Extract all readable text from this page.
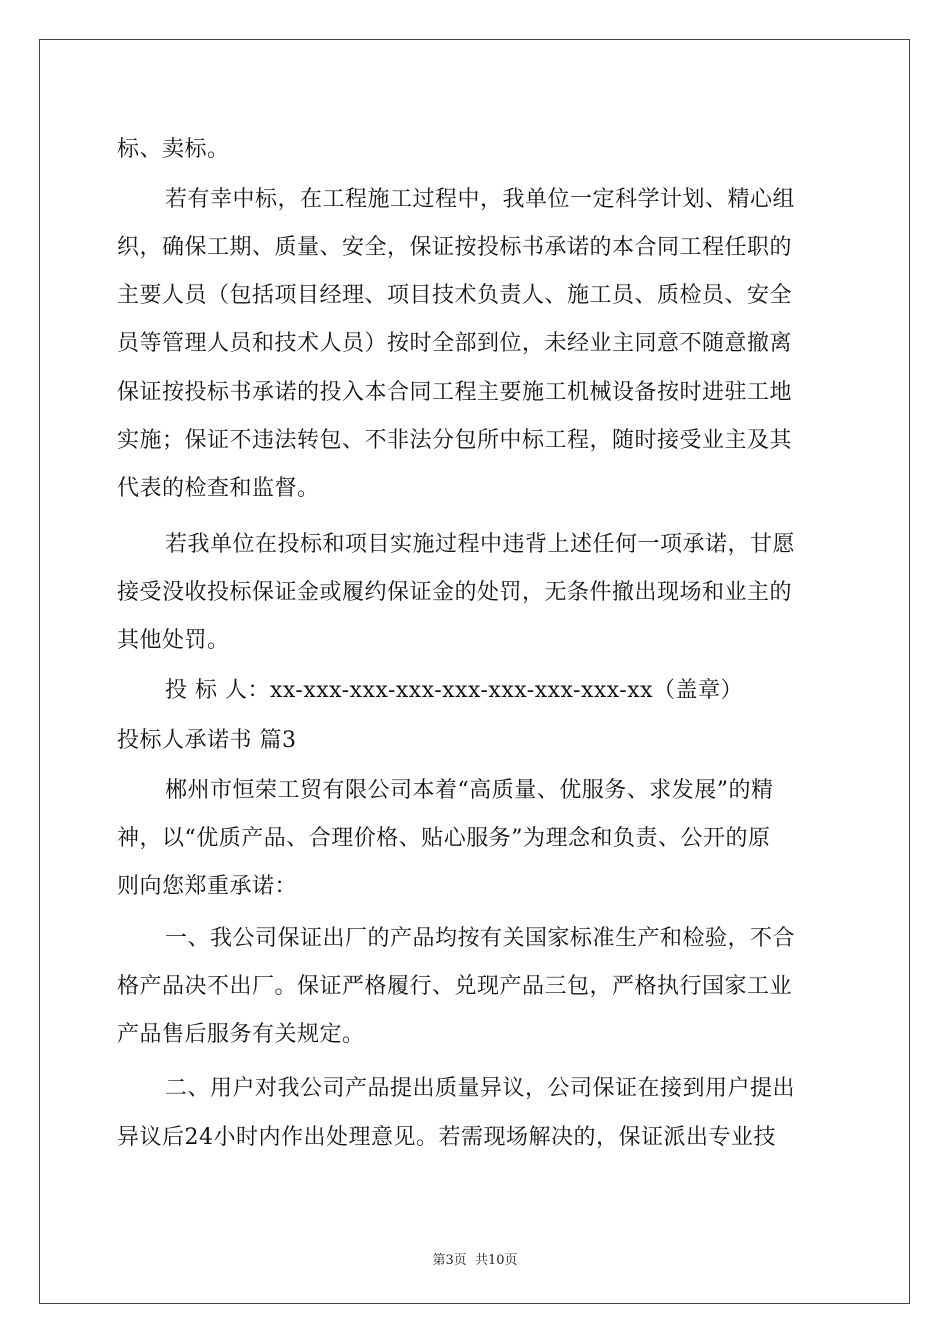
标、卖标。
若有幸中标，在工程施工过程中，我单位一定科学计划、精心组
织，确保工期、质量、安全，保证按投标书承诺的本合同工程任职的
主要人员（包括项目经理、项目技术负责人、施工员、质检员、安全
员等管理人员和技术人员）按时全部到位，未经业主同意不随意撤离
保证按投标书承诺的投入本合同工程主要施工机械设备按时进驻工地
实施；保证不违法转包、不非法分包所中标工程，随时接受业主及其
代表的检查和监督。
若我单位在投标和项目实施过程中违背上述任何一项承诺，甘愿
接受没收投标保证金或履约保证金的处罚，无条件撤出现场和业主的
其他处罚。
投 标 人：xx-xxx-xxx-xxx-xxx-xxx-xxx-xxx-xx（盖章）
投标人承诺书 篇3
郴州市恒荣工贸有限公司本着“高质量、优服务、求发展”的精
神，以“优质产品、合理价格、贴心服务”为理念和负责、公开的原
则向您郑重承诺：
一、我公司保证出厂的产品均按有关国家标准生产和检验，不合
格产品决不出厂。保证严格履行、兑现产品三包，严格执行国家工业
产品售后服务有关规定。
二、用户对我公司产品提出质量异议，公司保证在接到用户提出
异议后24小时内作出处理意见。若需现场解决的，保证派出专业技
第3页 共10页
